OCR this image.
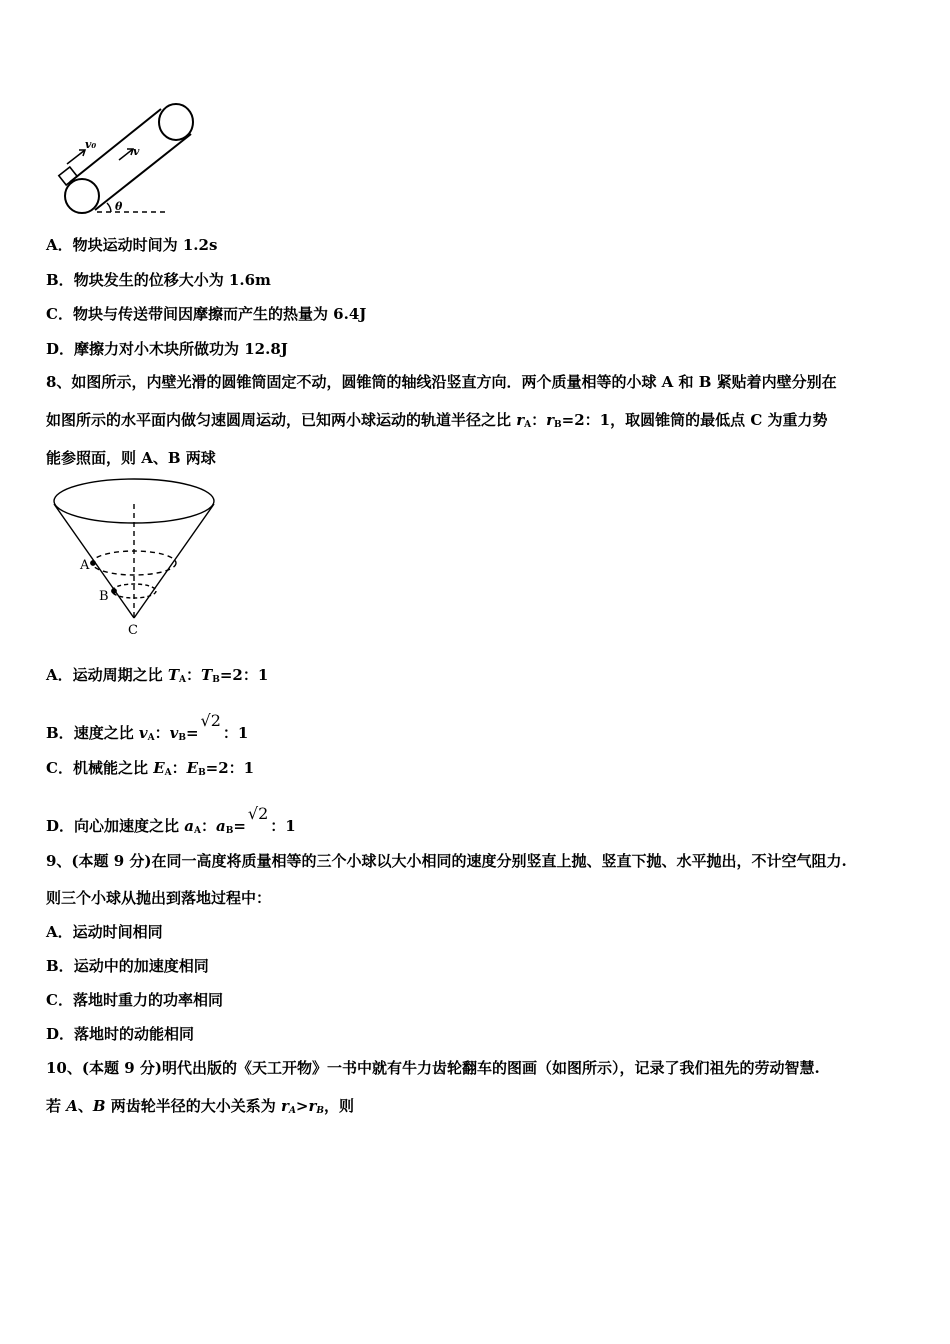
v₀
v
θ
A．物块运动时间为 1.2s
B．物块发生的位移大小为 1.6m
C．物块与传送带间因摩擦而产生的热量为 6.4J
D．摩擦力对小木块所做功为 12.8J
8、如图所示，内壁光滑的圆锥筒固定不动，圆锥筒的轴线沿竖直方向．两个质量相等的小球 A 和 B 紧贴着内壁分别在
如图所示的水平面内做匀速圆周运动，已知两小球运动的轨道半径之比 $r_A$：$r_B=2$：1，取圆锥筒的最低点 C 为重力势
能参照面，则 A、B 两球
A
B
C
A．运动周期之比 $T_A$：$T_B=2$：1
B．速度之比 $v_A$：$v_B=√2$：1
C．机械能之比 $E_A$：$E_B=2$：1
D．向心加速度之比 $a_A$：$a_B=√2$：1
9、(本题 9 分)在同一高度将质量相等的三个小球以大小相同的速度分别竖直上抛、竖直下抛、水平抛出，不计空气阻力.
则三个小球从抛出到落地过程中：
A．运动时间相同
B．运动中的加速度相同
C．落地时重力的功率相同
D．落地时的动能相同
10、(本题 9 分)明代出版的《天工开物》一书中就有牛力齿轮翻车的图画（如图所示），记录了我们祖先的劳动智慧.
若 A、B 两齿轮半径的大小关系为 $r_A>r_B$，则
